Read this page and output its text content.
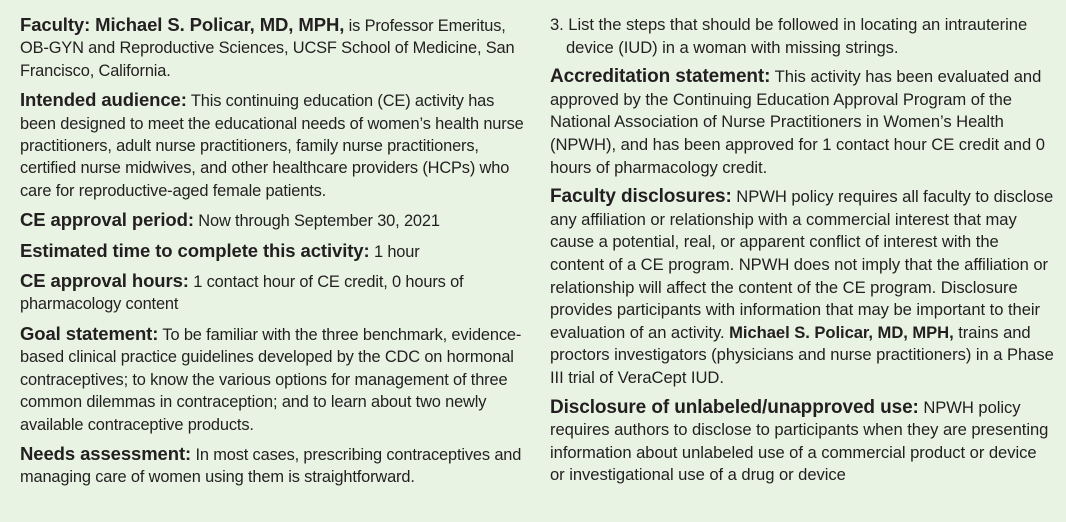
Faculty: Michael S. Policar, MD, MPH, is Professor Emeritus, OB-GYN and Reproductive Sciences, UCSF School of Medicine, San Francisco, California.

Intended audience: This continuing education (CE) activity has been designed to meet the educational needs of women’s health nurse practitioners, adult nurse practitioners, family nurse practitioners, certified nurse midwives, and other healthcare providers (HCPs) who care for reproductive-aged female patients.

CE approval period: Now through September 30, 2021

Estimated time to complete this activity: 1 hour

CE approval hours: 1 contact hour of CE credit, 0 hours of pharmacology content

Goal statement: To be familiar with the three benchmark, evidence-based clinical practice guidelines developed by the CDC on hormonal contraceptives; to know the various options for management of three common dilemmas in contraception; and to learn about two newly available contraceptive products.

Needs assessment: In most cases, prescribing contraceptives and managing care of women using them is straightforward.

3. List the steps that should be followed in locating an intrauterine device (IUD) in a woman with missing strings.

Accreditation statement: This activity has been evaluated and approved by the Continuing Education Approval Program of the National Association of Nurse Practitioners in Women’s Health (NPWH), and has been approved for 1 contact hour CE credit and 0 hours of pharmacology credit.

Faculty disclosures: NPWH policy requires all faculty to disclose any affiliation or relationship with a commercial interest that may cause a potential, real, or apparent conflict of interest with the content of a CE program. NPWH does not imply that the affiliation or relationship will affect the content of the CE program. Disclosure provides participants with information that may be important to their evaluation of an activity. Michael S. Policar, MD, MPH, trains and proctors investigators (physicians and nurse practitioners) in a Phase III trial of VeraCept IUD.

Disclosure of unlabeled/unapproved use: NPWH policy requires authors to disclose to participants when they are presenting information about unlabeled use of a commercial product or device or investigational use of a drug or device
